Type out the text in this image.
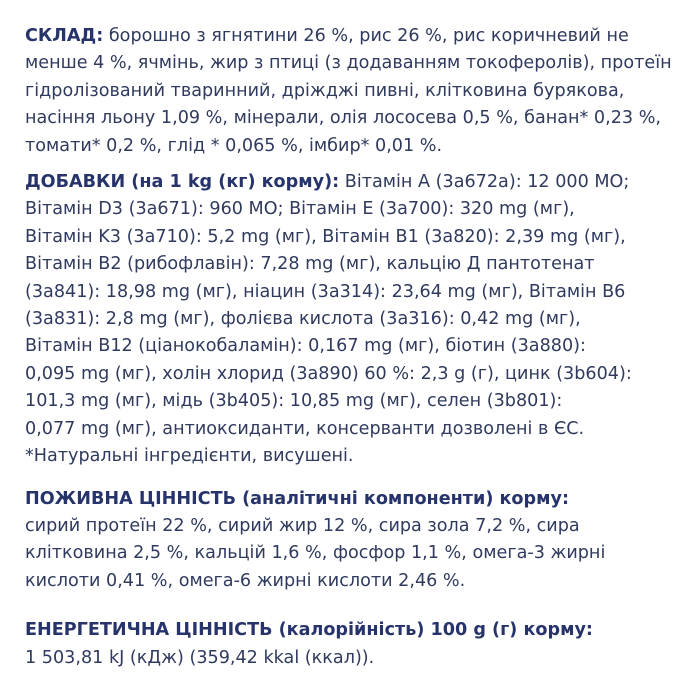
СКЛАД: борошно з ягнятини 26 %, рис 26 %, рис коричневий не
менше 4 %, ячмінь, жир з птиці (з додаванням токоферолів), протеїн
гідролізований тваринний, дріжджі пивні, клітковина бурякова,
насіння льону 1,09 %, мінерали, олія лососева 0,5 %, банан* 0,23 %,
томати* 0,2 %, глід * 0,065 %, імбир* 0,01 %.
ДОБАВКИ (на 1 kg (кг) корму): Вітамін А (3а672а): 12 000 МО;
Вітамін D3 (3а671): 960 МО; Вітамін Е (3а700): 320 mg (мг),
Вітамін K3 (3а710): 5,2 mg (мг), Вітамін B1 (3а820): 2,39 mg (мг),
Вітамін B2 (рибофлавін): 7,28 mg (мг), кальцію Д пантотенат
(3а841): 18,98 mg (мг), ніацин (3а314): 23,64 mg (мг), Вітамін B6
(3а831): 2,8 mg (мг), фолієва кислота (3а316): 0,42 mg (мг),
Вітамін B12 (ціанокобаламін): 0,167 mg (мг), біотин (3а880):
0,095 mg (мг), холін хлорид (3а890) 60 %: 2,3 g (г), цинк (3b604):
101,3 mg (мг), мідь (3b405): 10,85 mg (мг), селен (3b801):
0,077 mg (мг), антиоксиданти, консерванти дозволені в ЄС.
*Натуральні інгредієнти, висушені.
ПОЖИВНА ЦІННІСТЬ (аналітичні компоненти) корму:
сирий протеїн 22 %, сирий жир 12 %, сира зола 7,2 %, сира
клітковина 2,5 %, кальцій 1,6 %, фосфор 1,1 %, омега-3 жирні
кислоти 0,41 %, омега-6 жирні кислоти 2,46 %.
ЕНЕРГЕТИЧНА ЦІННІСТЬ (калорійність) 100 g (г) корму:
1 503,81 kJ (кДж) (359,42 kkal (ккал)).
